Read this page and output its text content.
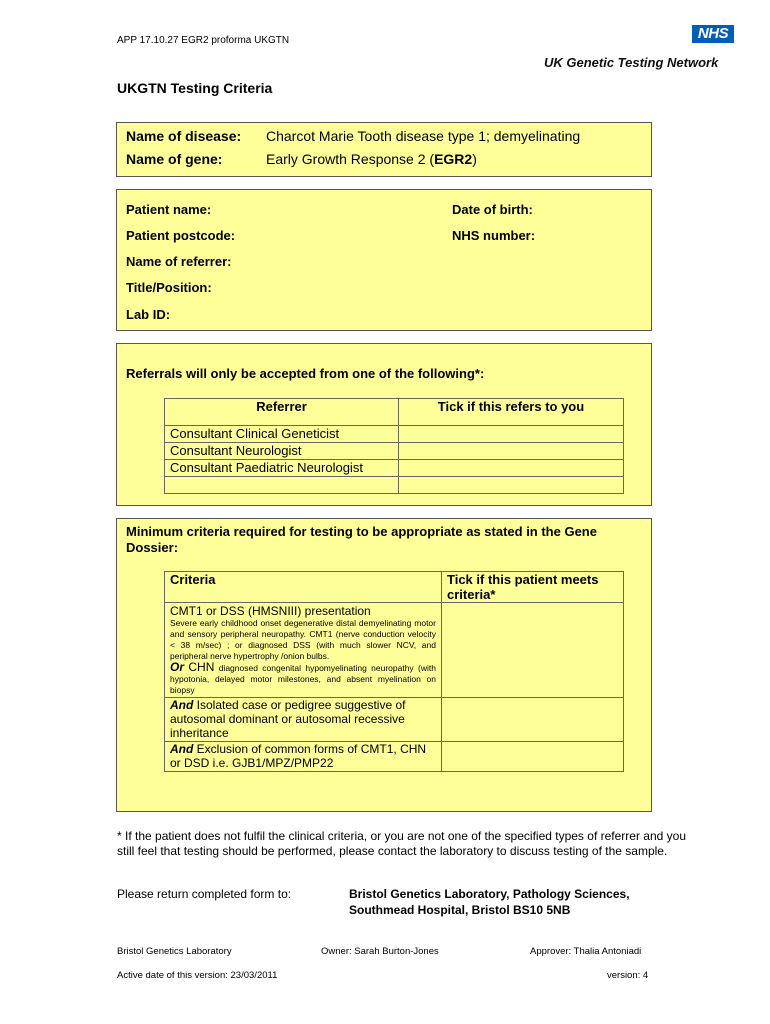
APP 17.10.27 EGR2 proforma UKGTN	NHS
UK Genetic Testing Network
UKGTN Testing Criteria
Name of disease: Charcot Marie Tooth disease type 1; demyelinating
Name of gene:	Early Growth Response 2 (EGR2)
Patient name:	Date of birth:
Patient postcode:	NHS number:
Name of referrer:
Title/Position:
Lab ID:
Referrals will only be accepted from one of the following*:
Referrer	Tick if this refers to you
Consultant Clinical Geneticist	
Consultant Neurologist	
Consultant Paediatric Neurologist	

Minimum criteria required for testing to be appropriate as stated in the Gene Dossier:
Criteria	Tick if this patient meets criteria*

CMT1 or DSS (HMSNIII) presentation
Severe early childhood onset degenerative distal demyelinating motor and sensory peripheral neuropathy. CMT1 (nerve conduction velocity < 38 m/sec) ; or diagnosed DSS (with much slower NCV, and peripheral nerve hypertrophy /onion bulbs.
Or CHN diagnosed congenital hypomyelinating neuropathy (with hypotonia, delayed motor milestones, and absent myelination on biopsy	

And Isolated case or pedigree suggestive of autosomal dominant or autosomal recessive inheritance	
And Exclusion of common forms of CMT1, CHN or DSD i.e. GJB1/MPZ/PMP22	
* If the patient does not fulfil the clinical criteria, or you are not one of the specified types of referrer and you still feel that testing should be performed, please contact the laboratory to discuss testing of the sample.
Please return completed form to:	Bristol Genetics Laboratory, Pathology Sciences,
Southmead Hospital, Bristol BS10 5NB
Bristol Genetics Laboratory	Owner: Sarah Burton-Jones	Approver: Thalia Antoniadi
Active date of this version: 23/03/2011	version: 4
